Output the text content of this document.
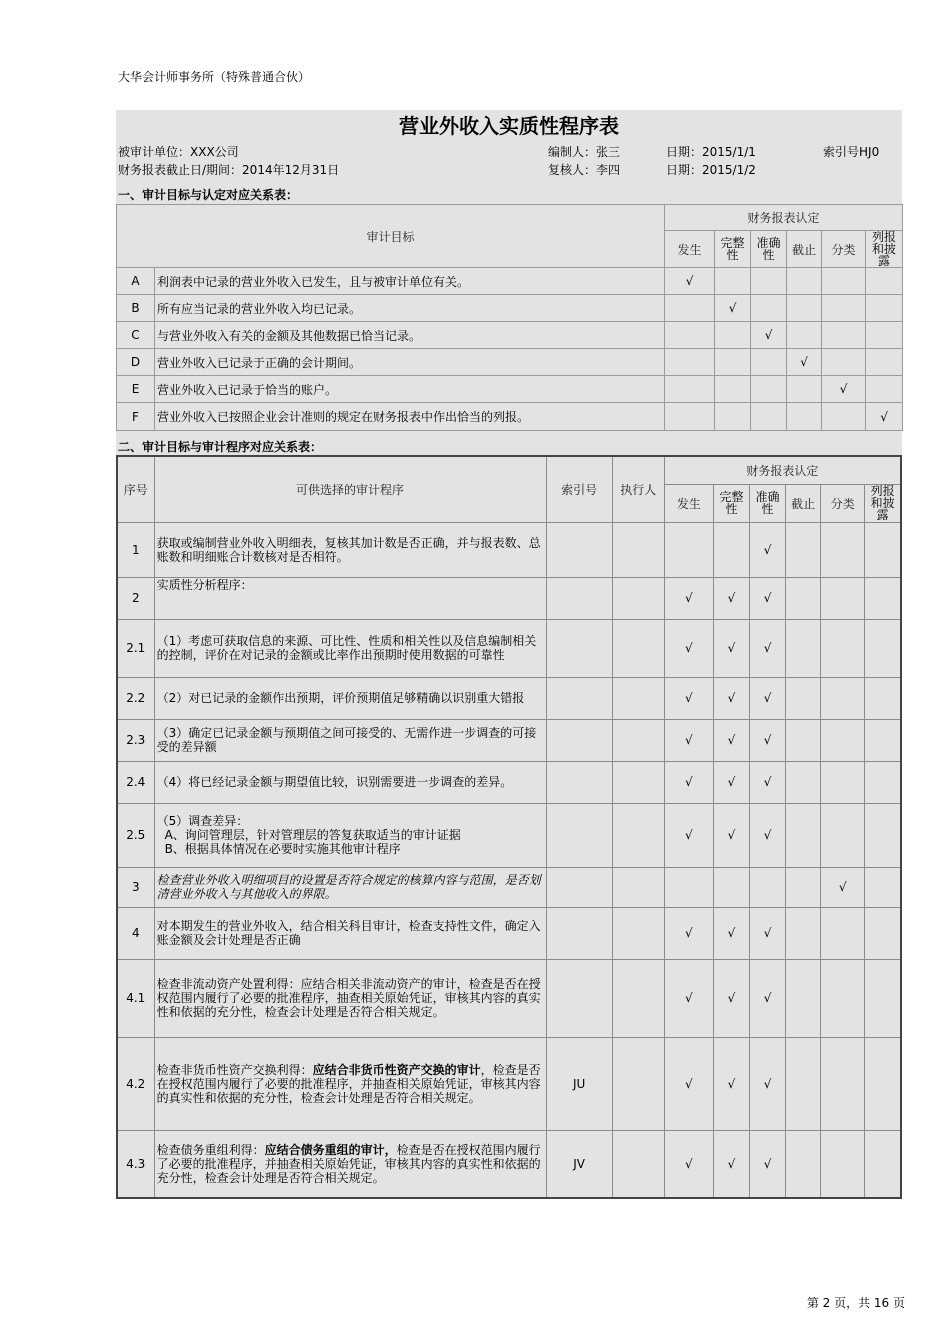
大华会计师事务所（特殊普通合伙）
营业外收入实质性程序表
被审计单位：XXX公司	编制人：张三	日期：2015/1/1	索引号HJ0
财务报表截止日/期间：2014年12月31日	复核人：李四	日期：2015/1/2
一、审计目标与认定对应关系表：
审计目标		财务报表认定					
		发生	完整性	准确性	截止	分类	列报和披露
A	利润表中记录的营业外收入已发生，且与被审计单位有关。	√					
B	所有应当记录的营业外收入均已记录。		√				
C	与营业外收入有关的金额及其他数据已恰当记录。			√			
D	营业外收入已记录于正确的会计期间。				√		
E	营业外收入已记录于恰当的账户。					√	
F	营业外收入已按照企业会计准则的规定在财务报表中作出恰当的列报。						√
二、审计目标与审计程序对应关系表：
序号	可供选择的审计程序	索引号	执行人	财务报表认定					
				发生	完整性	准确性	截止	分类	列报和披露
1	获取或编制营业外收入明细表，复核其加计数是否正确，并与报表数、总账数和明细账合计数核对是否相符。					√			
2	实质性分析程序：			√	√	√			
2.1	（1）考虑可获取信息的来源、可比性、性质和相关性以及信息编制相关的控制，评价在对记录的金额或比率作出预期时使用数据的可靠性			√	√	√			
2.2	（2）对已记录的金额作出预期，评价预期值足够精确以识别重大错报			√	√	√			
2.3	（3）确定已记录金额与预期值之间可接受的、无需作进一步调查的可接受的差异额			√	√	√			
2.4	（4）将已经记录金额与期望值比较，识别需要进一步调查的差异。			√	√	√			
2.5	（5）调查差异：
A、询问管理层，针对管理层的答复获取适当的审计证据
B、根据具体情况在必要时实施其他审计程序			√	√	√			
3	检查营业外收入明细项目的设置是否符合规定的核算内容与范围，是否划清营业外收入与其他收入的界限。							√	
4	对本期发生的营业外收入，结合相关科目审计，检查支持性文件，确定入账金额及会计处理是否正确			√	√	√			
4.1	检查非流动资产处置利得：应结合相关非流动资产的审计，检查是否在授权范围内履行了必要的批准程序，抽查相关原始凭证，审核其内容的真实性和依据的充分性，检查会计处理是否符合相关规定。			√	√	√			
4.2	检查非货币性资产交换利得：应结合非货币性资产交换的审计，检查是否在授权范围内履行了必要的批准程序，并抽查相关原始凭证，审核其内容的真实性和依据的充分性，检查会计处理是否符合相关规定。	JU		√	√	√			
4.3	检查债务重组利得：应结合债务重组的审计，检查是否在授权范围内履行了必要的批准程序，并抽查相关原始凭证，审核其内容的真实性和依据的充分性，检查会计处理是否符合相关规定。	JV		√	√	√			
第 2 页，共 16 页
